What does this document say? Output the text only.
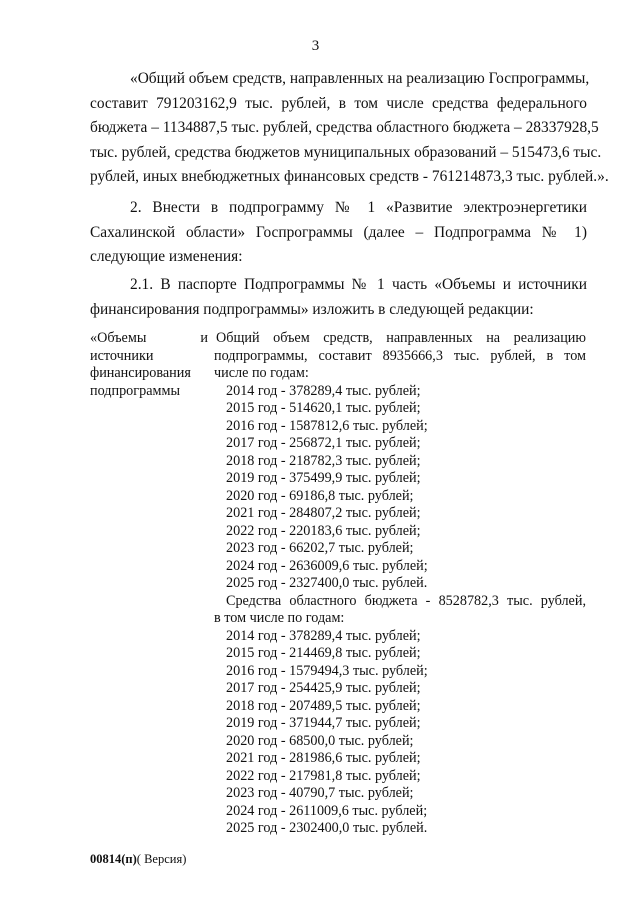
3
«Общий объем средств, направленных на реализацию Госпрограммы,
составит 791203162,9 тыс. рублей, в том числе средства федерального
бюджета – 1134887,5 тыс. рублей, средства областного бюджета – 28337928,5
тыс. рублей, средства бюджетов муниципальных образований – 515473,6 тыс.
рублей, иных внебюджетных финансовых средств - 761214873,3 тыс. рублей.».
2. Внести в подпрограмму № 1 «Развитие электроэнергетики
Сахалинской области» Госпрограммы (далее – Подпрограмма № 1)
следующие изменения:
2.1. В паспорте Подпрограммы № 1 часть «Объемы и источники
финансирования подпрограммы» изложить в следующей редакции:
«Объемы и
источники
финансирования
подпрограммы
Общий объем средств, направленных на реализацию
подпрограммы, составит 8935666,3 тыс. рублей, в том
числе по годам:
2014 год - 378289,4 тыс. рублей;
2015 год - 514620,1 тыс. рублей;
2016 год - 1587812,6 тыс. рублей;
2017 год - 256872,1 тыс. рублей;
2018 год - 218782,3 тыс. рублей;
2019 год - 375499,9 тыс. рублей;
2020 год - 69186,8 тыс. рублей;
2021 год - 284807,2 тыс. рублей;
2022 год - 220183,6 тыс. рублей;
2023 год - 66202,7 тыс. рублей;
2024 год - 2636009,6 тыс. рублей;
2025 год - 2327400,0 тыс. рублей.
Средства областного бюджета - 8528782,3 тыс. рублей,
в том числе по годам:
2014 год - 378289,4 тыс. рублей;
2015 год - 214469,8 тыс. рублей;
2016 год - 1579494,3 тыс. рублей;
2017 год - 254425,9 тыс. рублей;
2018 год - 207489,5 тыс. рублей;
2019 год - 371944,7 тыс. рублей;
2020 год - 68500,0 тыс. рублей;
2021 год - 281986,6 тыс. рублей;
2022 год - 217981,8 тыс. рублей;
2023 год - 40790,7 тыс. рублей;
2024 год - 2611009,6 тыс. рублей;
2025 год - 2302400,0 тыс. рублей.
00814(п)( Версия)
